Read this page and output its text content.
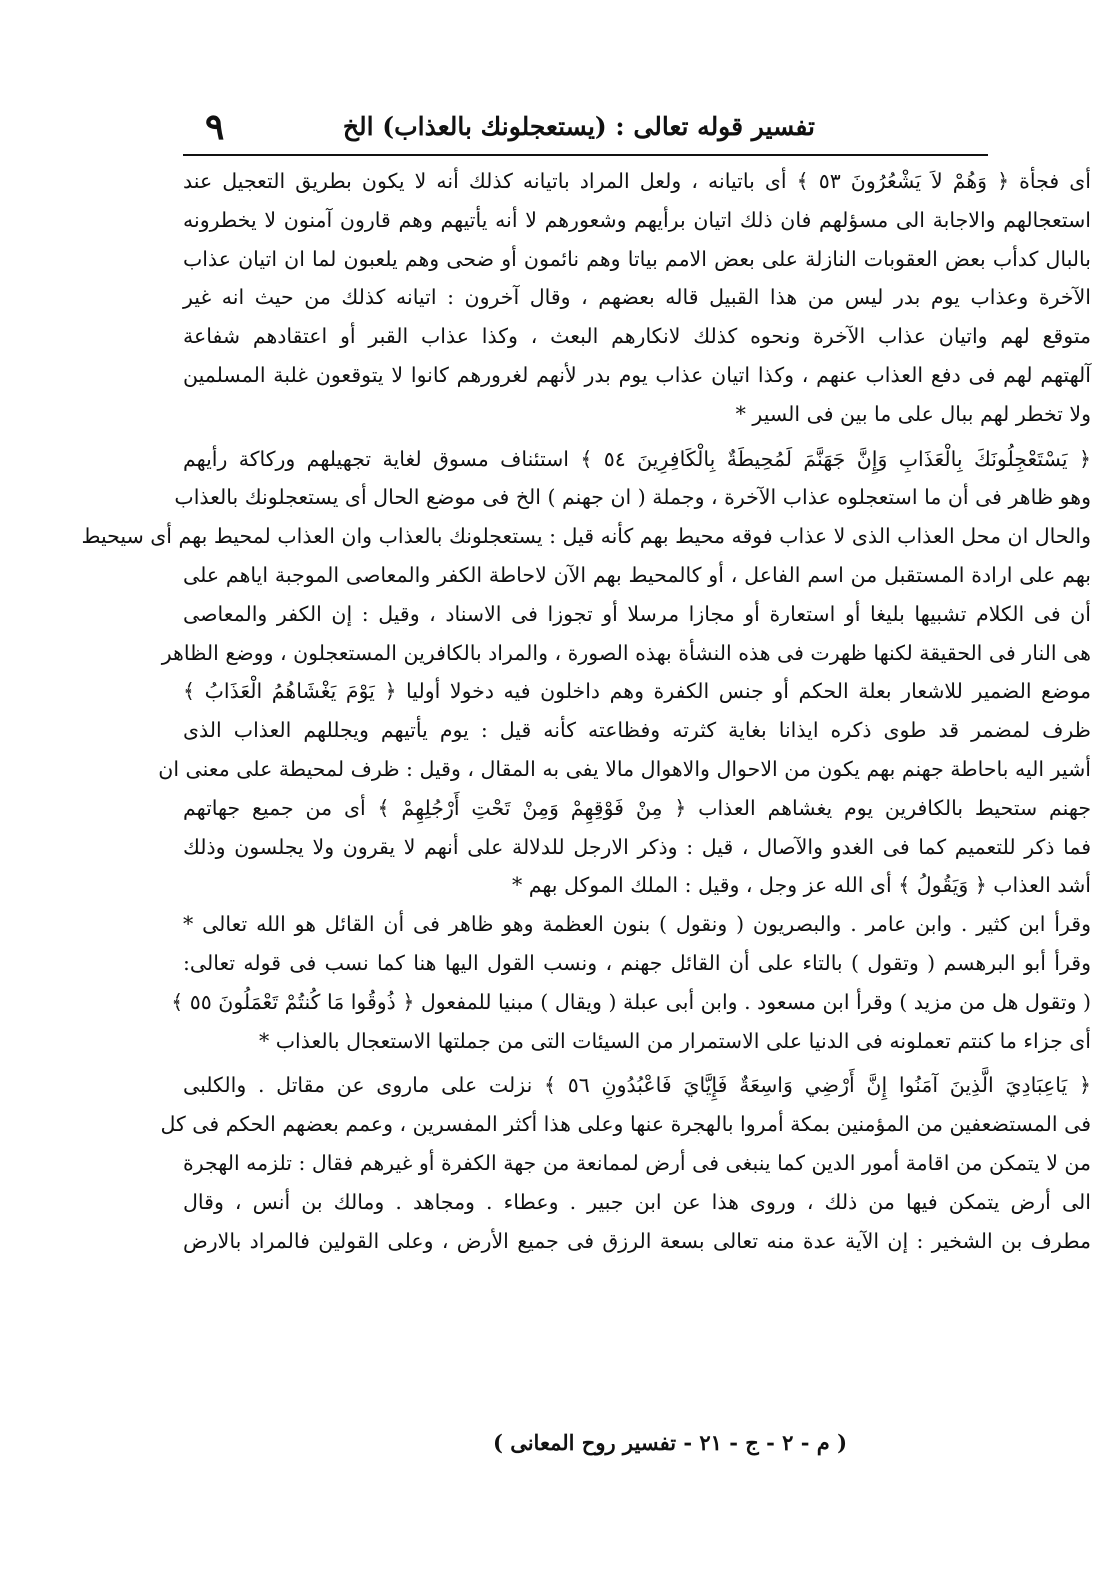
تفسير قوله تعالى : (يستعجلونك بالعذاب) الخ
٩
أى فجأة ﴿ وَهُمْ لاَ يَشْعُرُونَ ٥٣ ﴾ أى باتيانه ، ولعل المراد باتيانه كذلك أنه لا يكون بطريق التعجيل عند
استعجالهم والاجابة الى مسؤلهم فان ذلك اتيان برأيهم وشعورهم لا أنه يأتيهم وهم قارون آمنون لا يخطرونه
بالبال كدأب بعض العقوبات النازلة على بعض الامم بياتا وهم نائمون أو ضحى وهم يلعبون لما ان اتيان عذاب
الآخرة وعذاب يوم بدر ليس من هذا القبيل قاله بعضهم ، وقال آخرون : اتيانه كذلك من حيث انه غير
متوقع لهم واتيان عذاب الآخرة ونحوه كذلك لانكارهم البعث ، وكذا عذاب القبر أو اعتقادهم شفاعة
آلهتهم لهم فى دفع العذاب عنهم ، وكذا اتيان عذاب يوم بدر لأنهم لغرورهم كانوا لا يتوقعون غلبة المسلمين
ولا تخطر لهم ببال على ما بين فى السير *
﴿ يَسْتَعْجِلُونَكَ بِالْعَذَابِ وَإِنَّ جَهَنَّمَ لَمُحِيطَةٌ بِالْكَافِرِينَ ٥٤ ﴾ استئناف مسوق لغاية تجهيلهم وركاكة رأيهم
وهو ظاهر فى أن ما استعجلوه عذاب الآخرة ، وجملة ( ان جهنم ) الخ فى موضع الحال أى يستعجلونك بالعذاب
والحال ان محل العذاب الذى لا عذاب فوقه محيط بهم كأنه قيل : يستعجلونك بالعذاب وان العذاب لمحيط بهم أى سيحيط
بهم على ارادة المستقبل من اسم الفاعل ، أو كالمحيط بهم الآن لاحاطة الكفر والمعاصى الموجبة اياهم على
أن فى الكلام تشبيها بليغا أو استعارة أو مجازا مرسلا أو تجوزا فى الاسناد ، وقيل : إن الكفر والمعاصى
هى النار فى الحقيقة لكنها ظهرت فى هذه النشأة بهذه الصورة ، والمراد بالكافرين المستعجلون ، ووضع الظاهر
موضع الضمير للاشعار بعلة الحكم أو جنس الكفرة وهم داخلون فيه دخولا أوليا ﴿ يَوْمَ يَغْشَاهُمُ الْعَذَابُ ﴾
ظرف لمضمر قد طوى ذكره ايذانا بغاية كثرته وفظاعته كأنه قيل : يوم يأتيهم ويجللهم العذاب الذى
أشير اليه باحاطة جهنم بهم يكون من الاحوال والاهوال مالا يفى به المقال ، وقيل : ظرف لمحيطة على معنى ان
جهنم ستحيط بالكافرين يوم يغشاهم العذاب ﴿ مِنْ فَوْقِهِمْ وَمِنْ تَحْتِ أَرْجُلِهِمْ ﴾ أى من جميع جهاتهم
فما ذكر للتعميم كما فى الغدو والآصال ، قيل : وذكر الارجل للدلالة على أنهم لا يقرون ولا يجلسون وذلك
أشد العذاب ﴿ وَيَقُولُ ﴾ أى الله عز وجل ، وقيل : الملك الموكل بهم *
وقرأ ابن كثير . وابن عامر . والبصريون ( ونقول ) بنون العظمة وهو ظاهر فى أن القائل هو الله تعالى *
وقرأ أبو البرهسم ( وتقول ) بالتاء على أن القائل جهنم ، ونسب القول اليها هنا كما نسب فى قوله تعالى:
( وتقول هل من مزيد ) وقرأ ابن مسعود . وابن أبى عبلة ( ويقال ) مبنيا للمفعول ﴿ ذُوقُوا مَا كُنتُمْ تَعْمَلُونَ ٥٥ ﴾
أى جزاء ما كنتم تعملونه فى الدنيا على الاستمرار من السيئات التى من جملتها الاستعجال بالعذاب *
﴿ يَاعِبَادِيَ الَّذِينَ آمَنُوا إِنَّ أَرْضِي وَاسِعَةٌ فَإِيَّايَ فَاعْبُدُونِ ٥٦ ﴾ نزلت على ماروى عن مقاتل . والكلبى
فى المستضعفين من المؤمنين بمكة أمروا بالهجرة عنها وعلى هذا أكثر المفسرين ، وعمم بعضهم الحكم فى كل
من لا يتمكن من اقامة أمور الدين كما ينبغى فى أرض لممانعة من جهة الكفرة أو غيرهم فقال : تلزمه الهجرة
الى أرض يتمكن فيها من ذلك ، وروى هذا عن ابن جبير . وعطاء . ومجاهد . ومالك بن أنس ، وقال
مطرف بن الشخير : إن الآية عدة منه تعالى بسعة الرزق فى جميع الأرض ، وعلى القولين فالمراد بالارض
( م - ٢ - ج - ٢١ - تفسير روح المعانى )
